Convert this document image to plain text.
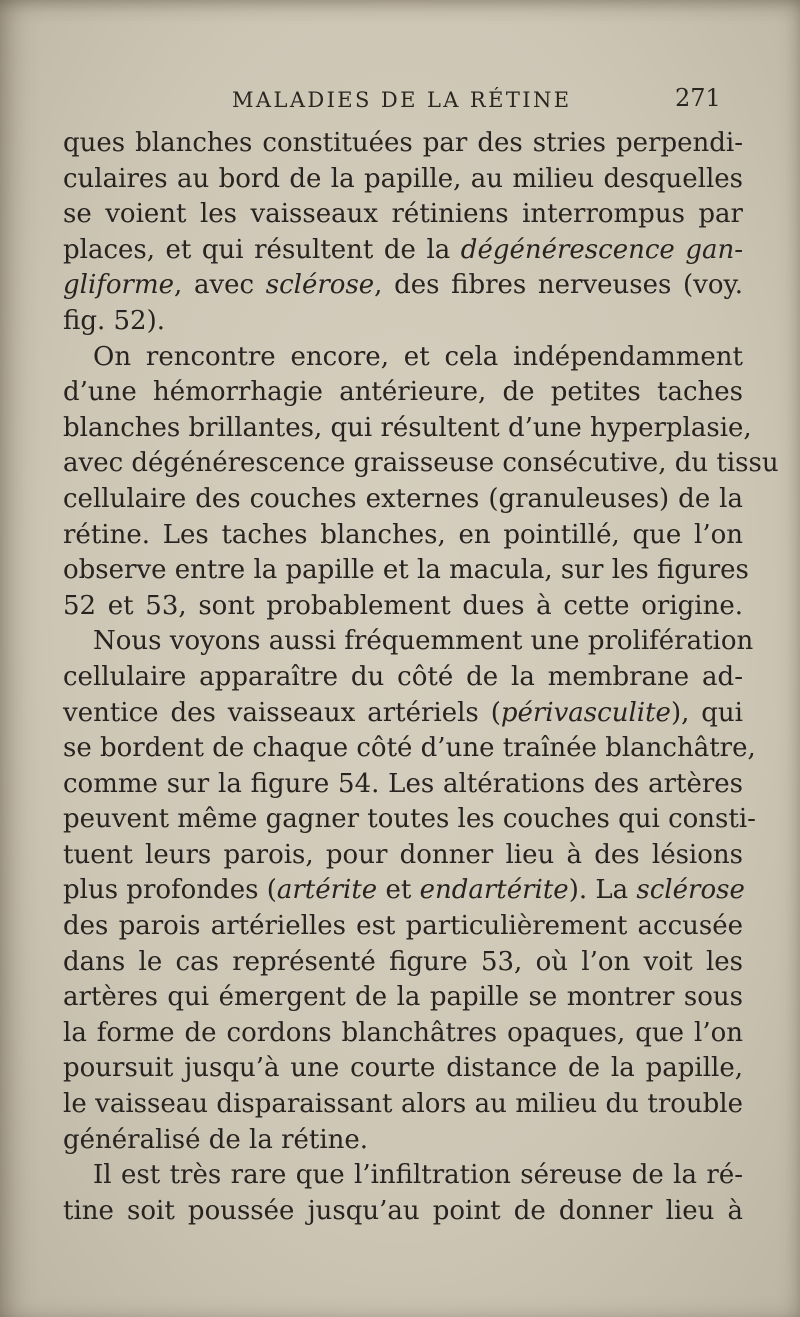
MALADIES DE LA RÉTINE	271
ques blanches constituées par des stries perpendi-
culaires au bord de la papille, au milieu desquelles
se voient les vaisseaux rétiniens interrompus par
places, et qui résultent de la dégénérescence gan-
gliforme, avec sclérose, des fibres nerveuses (voy.
fig. 52).
On rencontre encore, et cela indépendamment
d’une hémorrhagie antérieure, de petites taches
blanches brillantes, qui résultent d’une hyperplasie,
avec dégénérescence graisseuse consécutive, du tissu
cellulaire des couches externes (granuleuses) de la
rétine. Les taches blanches, en pointillé, que l’on
observe entre la papille et la macula, sur les figures
52 et 53, sont probablement dues à cette origine.
Nous voyons aussi fréquemment une prolifération
cellulaire apparaître du côté de la membrane ad-
ventice des vaisseaux artériels (périvasculite), qui
se bordent de chaque côté d’une traînée blanchâtre,
comme sur la figure 54. Les altérations des artères
peuvent même gagner toutes les couches qui consti-
tuent leurs parois, pour donner lieu à des lésions
plus profondes (artérite et endartérite). La sclérose
des parois artérielles est particulièrement accusée
dans le cas représenté figure 53, où l’on voit les
artères qui émergent de la papille se montrer sous
la forme de cordons blanchâtres opaques, que l’on
poursuit jusqu’à une courte distance de la papille,
le vaisseau disparaissant alors au milieu du trouble
généralisé de la rétine.
Il est très rare que l’infiltration séreuse de la ré-
tine soit poussée jusqu’au point de donner lieu à
